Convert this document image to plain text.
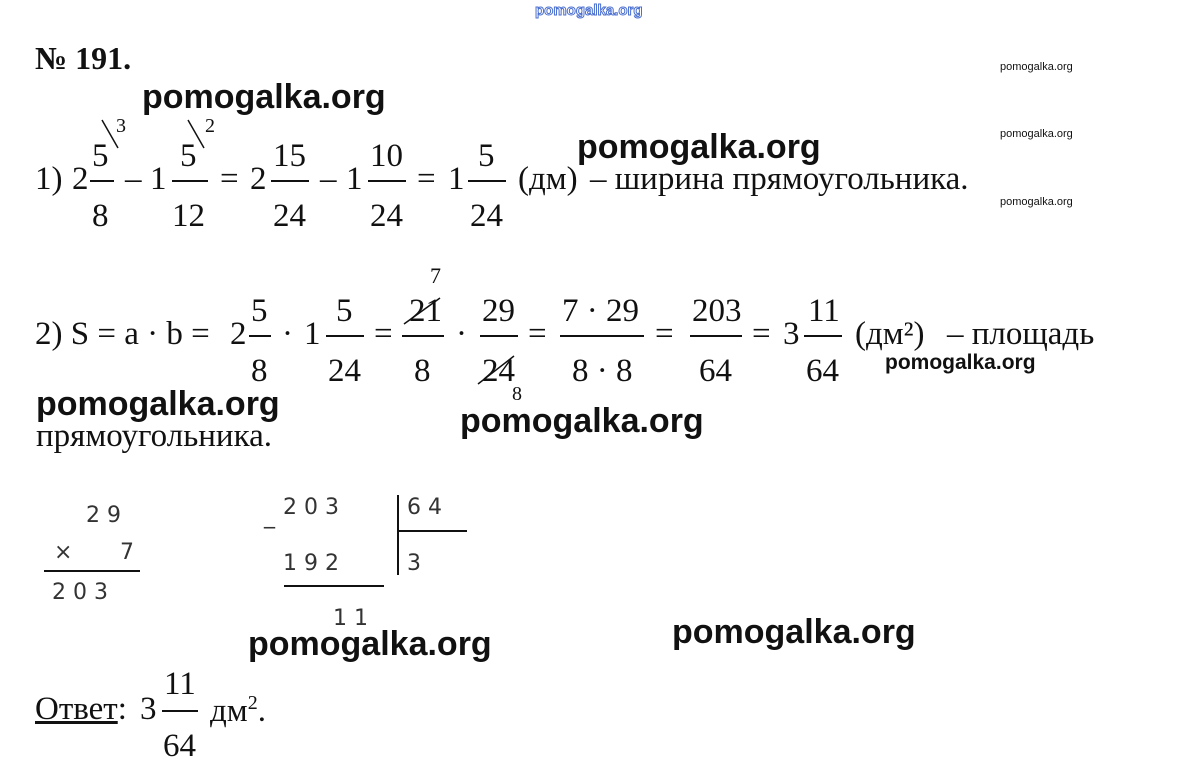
pomogalka.org
pomogalka.org
pomogalka.org
pomogalka.org
№ 191.
pomogalka.org
pomogalka.org
pomogalka.org	pomogalka.org
pomogalka.org	pomogalka.org
pomogalka.org
1) 2
5
8
3
– 1
5
12
2
= 2
15
24
– 1
10
24
= 1
5
24
(дм) – ширина прямоугольника.
2) S = a · b = 2
5
8
· 1
5
24
=
7
21
8
·
29
24
8
=
7 · 29
8 · 8
=
203
64
= 3
11
64
(дм²) – площадь
прямоугольника.
2 9
× 7
2 0 3
_ 2 0 3	6 4
1 9 2	3
1 1
Ответ: 3
11
64
$дм^2$.
